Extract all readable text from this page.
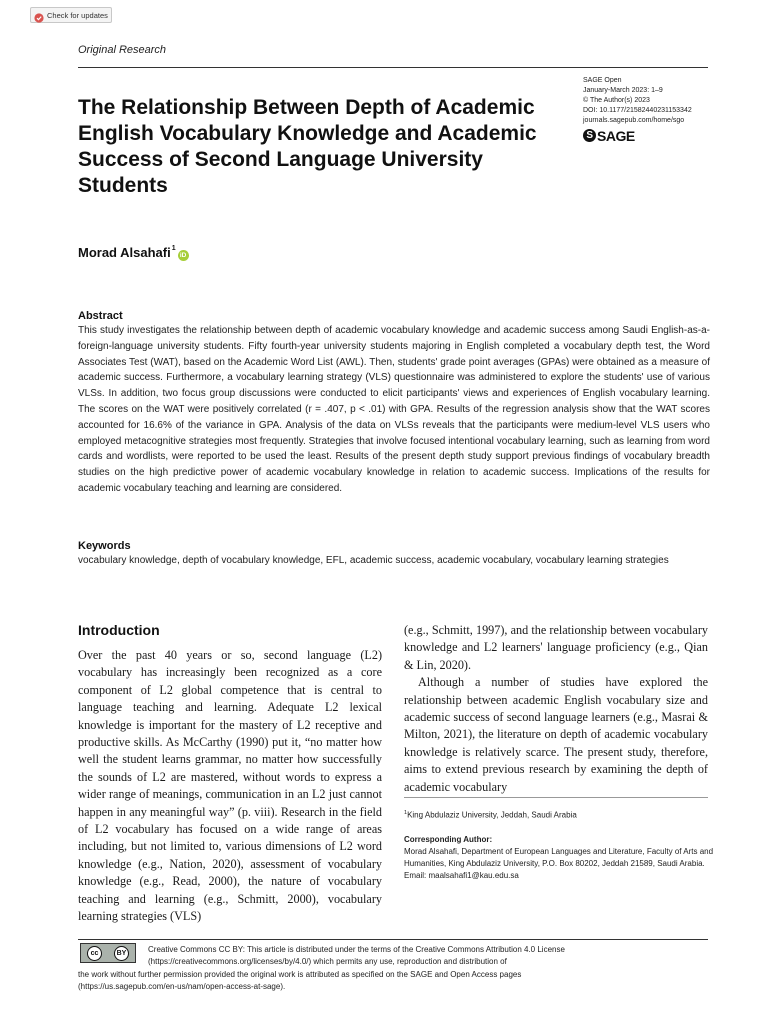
Check for updates
Original Research
The Relationship Between Depth of Academic English Vocabulary Knowledge and Academic Success of Second Language University Students
SAGE Open
January-March 2023: 1–9
© The Author(s) 2023
DOI: 10.1177/21582440231153342
journals.sagepub.com/home/sgo
S SAGE
Morad Alsahafi$^1$
iD

Abstract

This study investigates the relationship between depth of academic vocabulary knowledge and academic success among Saudi English-as-a-foreign-language university students. Fifty fourth-year university students majoring in English completed a vocabulary depth test, the Word Associates Test (WAT), based on the Academic Word List (AWL). Then, students' grade point averages (GPAs) were obtained as a measure of academic success. Furthermore, a vocabulary learning strategy (VLS) questionnaire was administered to explore the students' use of various VLSs. In addition, two focus group discussions were conducted to elicit participants' views and experiences of English vocabulary learning. The scores on the WAT were positively correlated (r = .407, p < .01) with GPA. Results of the regression analysis show that the WAT scores accounted for 16.6% of the variance in GPA. Analysis of the data on VLSs reveals that the participants were medium-level VLS users who employed metacognitive strategies most frequently. Strategies that involve focused intentional vocabulary learning, such as learning from word cards and wordlists, were reported to be used the least. Results of the present depth study support previous findings of vocabulary breadth studies on the high predictive power of academic vocabulary knowledge in relation to academic success. Implications of the results for academic vocabulary teaching and learning are considered.

Keywords

vocabulary knowledge, depth of vocabulary knowledge, EFL, academic success, academic vocabulary, vocabulary learning strategies

Introduction

Over the past 40 years or so, second language (L2) vocabulary has increasingly been recognized as a core component of L2 global competence that is central to language teaching and learning. Adequate L2 lexical knowledge is important for the mastery of L2 receptive and productive skills. As McCarthy (1990) put it, “no matter how well the student learns grammar, no matter how successfully the sounds of L2 are mastered, without words to express a wider range of meanings, communication in an L2 just cannot happen in any meaningful way” (p. viii). Research in the field of L2 vocabulary has focused on a wide range of areas including, but not limited to, various dimensions of L2 word knowledge (e.g., Nation, 2020), assessment of vocabulary knowledge (e.g., Read, 2000), the nature of vocabulary teaching and learning (e.g., Schmitt, 2000), vocabulary learning strategies (VLS)

(e.g., Schmitt, 1997), and the relationship between vocabulary knowledge and L2 learners' language proficiency (e.g., Qian & Lin, 2020).

Although a number of studies have explored the relationship between academic English vocabulary size and academic success of second language learners (e.g., Masrai & Milton, 2021), the literature on depth of academic vocabulary knowledge is relatively scarce. The present study, therefore, aims to extend previous research by examining the depth of academic vocabulary

$^1$King Abdulaziz University, Jeddah, Saudi Arabia

Corresponding Author:

Morad Alsahafi, Department of European Languages and Literature, Faculty of Arts and Humanities, King Abdulaziz University, P.O. Box 80202, Jeddah 21589, Saudi Arabia.

Email: maalsahafi1@kau.edu.sa

cc	BY	Creative Commons CC BY: This article is distributed under the terms of the Creative Commons Attribution 4.0 License

(https://creativecommons.org/licenses/by/4.0/) which permits any use, reproduction and distribution of

the work without further permission provided the original work is attributed as specified on the SAGE and Open Access pages

(https://us.sagepub.com/en-us/nam/open-access-at-sage).
